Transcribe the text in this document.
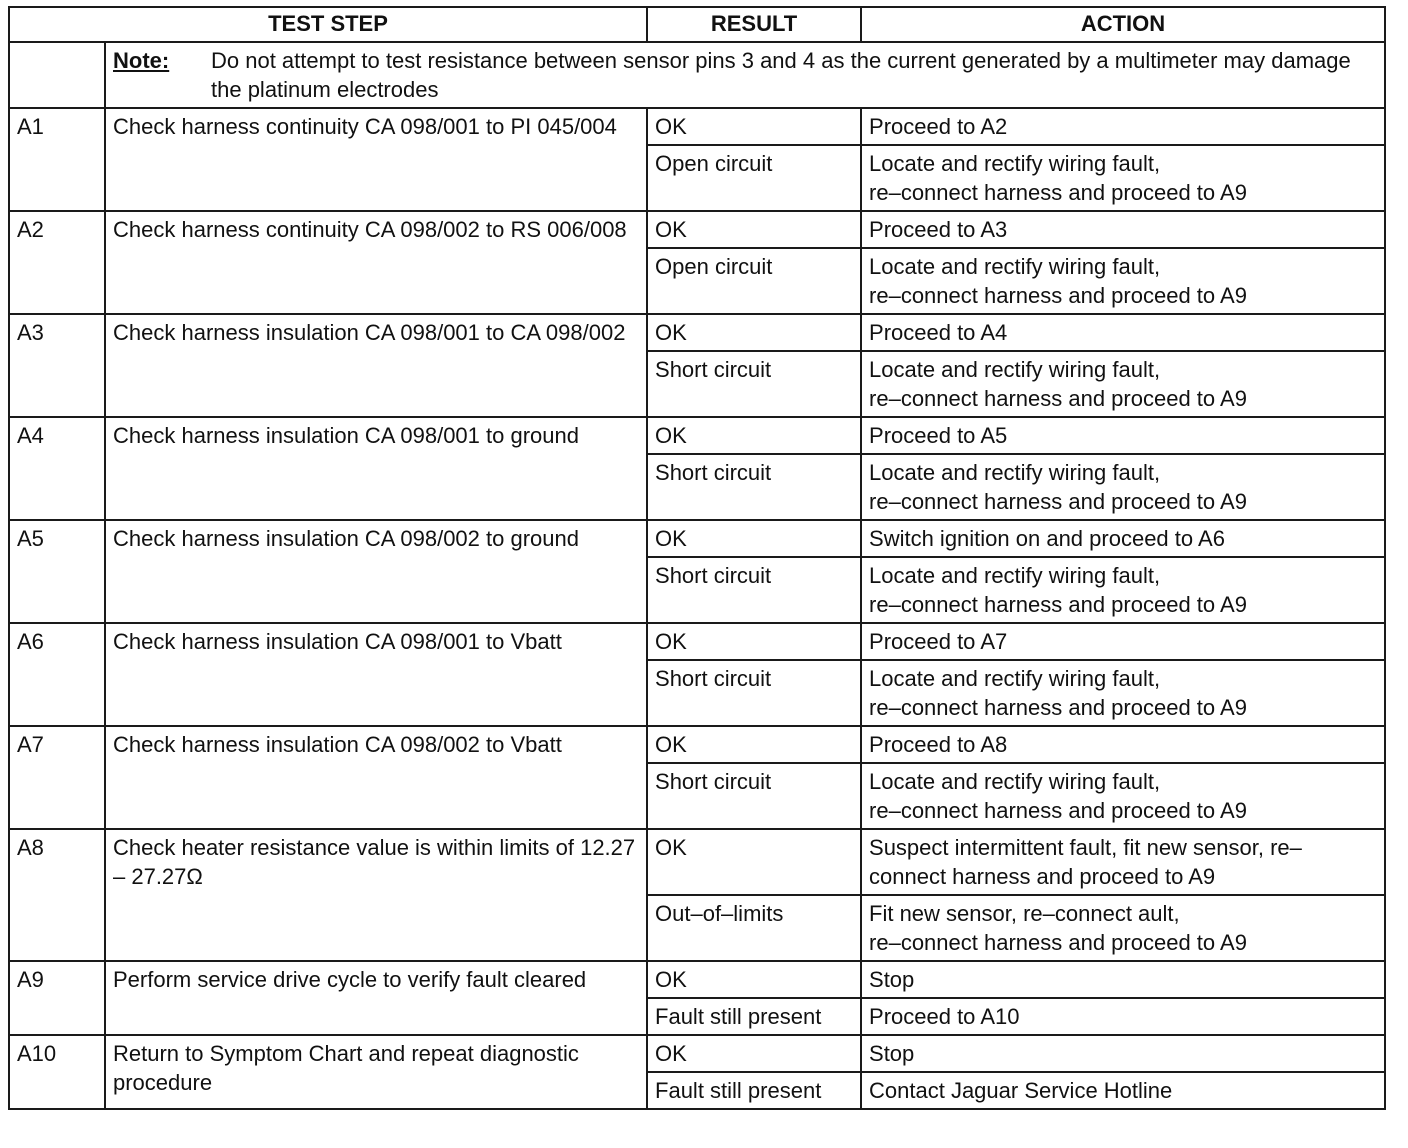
TEST STEP		RESULT	ACTION

	Note: Do not attempt to test resistance between sensor pins 3 and 4 as the current generated by a multimeter may damage the platinum electrodes		

A1	Check harness continuity CA 098/001 to PI 045/004	OK	Proceed to A2
		Open circuit	Locate and rectify wiring fault,
re–connect harness and proceed to A9
A2	Check harness continuity CA 098/002 to RS 006/008	OK	Proceed to A3
		Open circuit	Locate and rectify wiring fault,
re–connect harness and proceed to A9
A3	Check harness insulation CA 098/001 to CA 098/002	OK	Proceed to A4
		Short circuit	Locate and rectify wiring fault,
re–connect harness and proceed to A9
A4	Check harness insulation CA 098/001 to ground	OK	Proceed to A5
		Short circuit	Locate and rectify wiring fault,
re–connect harness and proceed to A9
A5	Check harness insulation CA 098/002 to ground	OK	Switch ignition on and proceed to A6
		Short circuit	Locate and rectify wiring fault,
re–connect harness and proceed to A9
A6	Check harness insulation CA 098/001 to Vbatt	OK	Proceed to A7
		Short circuit	Locate and rectify wiring fault,
re–connect harness and proceed to A9
A7	Check harness insulation CA 098/002 to Vbatt	OK	Proceed to A8
		Short circuit	Locate and rectify wiring fault,
re–connect harness and proceed to A9
A8	Check heater resistance value is within limits of 12.27 – 27.27Ω	OK	Suspect intermittent fault, fit new sensor, re–connect harness and proceed to A9
		Out–of–limits	Fit new sensor, re–connect ault,
re–connect harness and proceed to A9
A9	Perform service drive cycle to verify fault cleared	OK	Stop
		Fault still present	Proceed to A10
A10	Return to Symptom Chart and repeat diagnostic procedure	OK	Stop
		Fault still present	Contact Jaguar Service Hotline
